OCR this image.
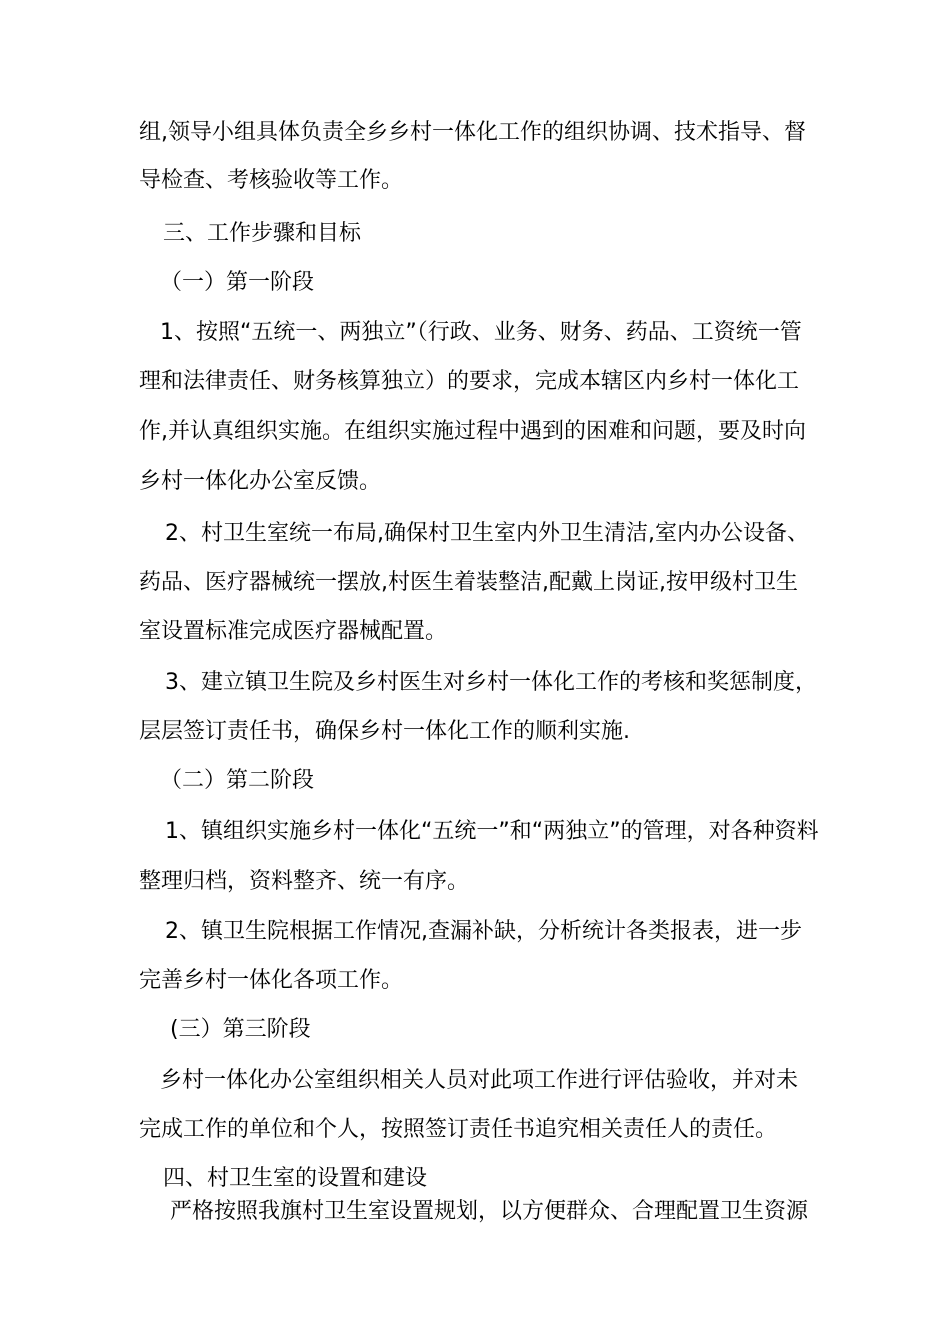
组,领导小组具体负责全乡乡村一体化工作的组织协调、技术指导、督
导检查、考核验收等工作。
三、工作步骤和目标
（一）第一阶段
1、按照“五统一、两独立”（行政、业务、财务、药品、工资统一管
理和法律责任、财务核算独立）的要求，完成本辖区内乡村一体化工
作,并认真组织实施。在组织实施过程中遇到的困难和问题，要及时向
乡村一体化办公室反馈。
2、村卫生室统一布局,确保村卫生室内外卫生清洁,室内办公设备、
药品、医疗器械统一摆放,村医生着装整洁,配戴上岗证,按甲级村卫生
室设置标准完成医疗器械配置。
3、建立镇卫生院及乡村医生对乡村一体化工作的考核和奖惩制度，
层层签订责任书，确保乡村一体化工作的顺利实施.
（二）第二阶段
1、镇组织实施乡村一体化“五统一”和“两独立”的管理，对各种资料
整理归档，资料整齐、统一有序。
2、镇卫生院根据工作情况,查漏补缺，分析统计各类报表，进一步
完善乡村一体化各项工作。
(三）第三阶段
乡村一体化办公室组织相关人员对此项工作进行评估验收，并对未
完成工作的单位和个人，按照签订责任书追究相关责任人的责任。
四、村卫生室的设置和建设
严格按照我旗村卫生室设置规划，以方便群众、合理配置卫生资源
